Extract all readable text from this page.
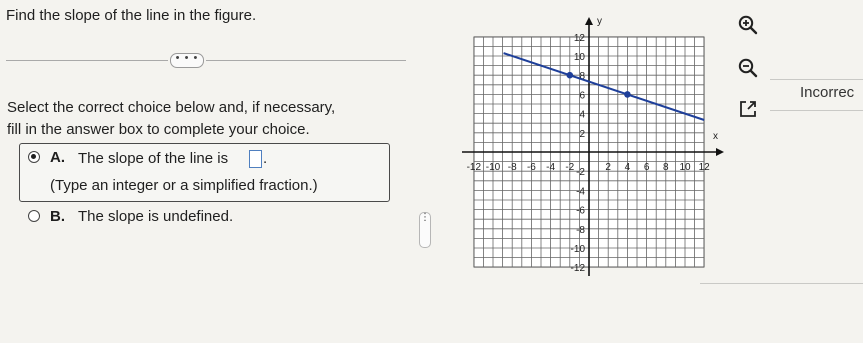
Find the slope of the line in the figure.
• • •
Select the correct choice below and, if necessary,
fill in the answer box to complete your choice.
A. The slope of the line is .
(Type an integer or a simplified fraction.)
B. The slope is undefined.	⋮
Incorrec
x
y
-12 -10 -8 -6 -4 -2	2 4 6 8 10 12
12
10
8
6
4
2
-2
-4
-6
-8
-10
-12
